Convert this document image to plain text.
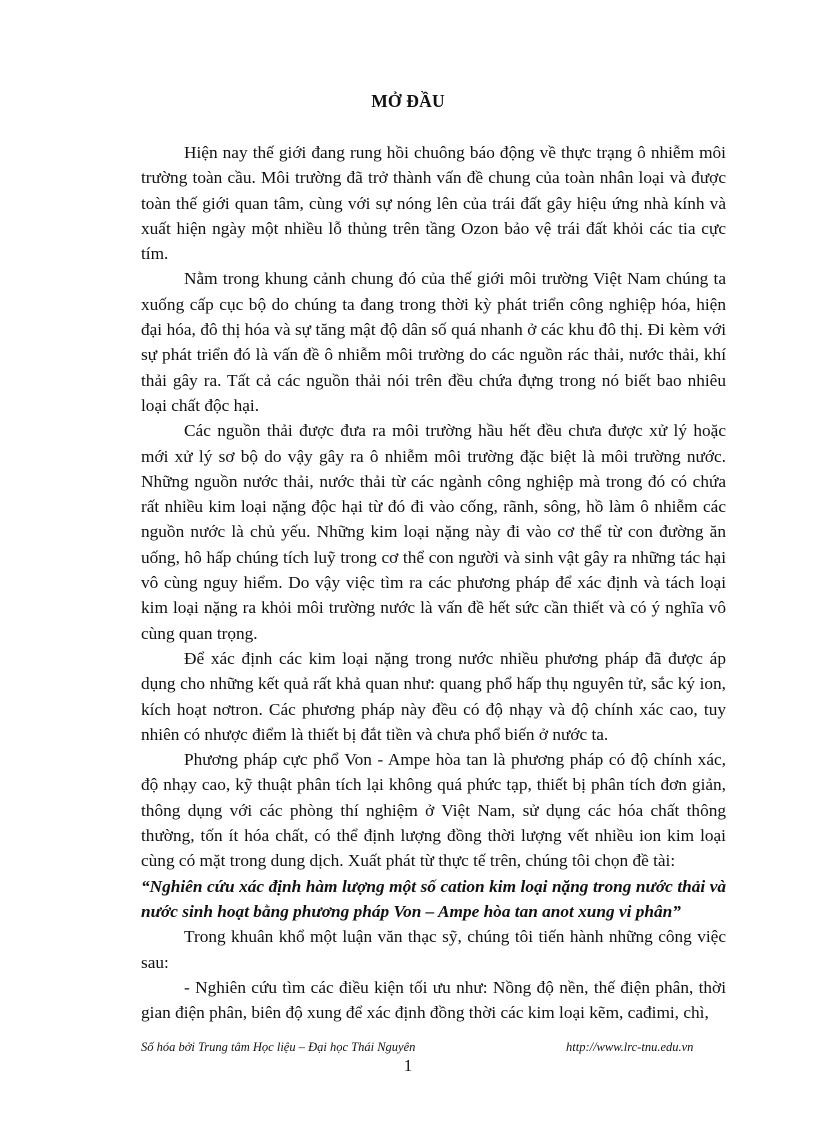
MỞ ĐẦU

Hiện nay thế giới đang rung hồi chuông báo động về thực trạng ô nhiễm môi trường toàn cầu. Môi trường đã trở thành vấn đề chung của toàn nhân loại và được toàn thế giới quan tâm, cùng với sự nóng lên của trái đất gây hiệu ứng nhà kính và xuất hiện ngày một nhiều lỗ thủng trên tầng Ozon bảo vệ trái đất khỏi các tia cực tím.

Nằm trong khung cảnh chung đó của thế giới môi trường Việt Nam chúng ta xuống cấp cục bộ do chúng ta đang trong thời kỳ phát triển công nghiệp hóa, hiện đại hóa, đô thị hóa và sự tăng mật độ dân số quá nhanh ở các khu đô thị. Đi kèm với sự phát triển đó là vấn đề ô nhiễm môi trường do các nguồn rác thải, nước thải, khí thải gây ra. Tất cả các nguồn thải nói trên đều chứa đựng trong nó biết bao nhiêu loại chất độc hại.

Các nguồn thải được đưa ra môi trường hầu hết đều chưa được xử lý hoặc mới xử lý sơ bộ do vậy gây ra ô nhiễm môi trường đặc biệt là môi trường nước. Những nguồn nước thải, nước thải từ các ngành công nghiệp mà trong đó có chứa rất nhiều kim loại nặng độc hại từ đó đi vào cống, rãnh, sông, hồ làm ô nhiễm các nguồn nước là chủ yếu. Những kim loại nặng này đi vào cơ thể từ con đường ăn uống, hô hấp chúng tích luỹ trong cơ thể con người và sinh vật gây ra những tác hại vô cùng nguy hiểm. Do vậy việc tìm ra các phương pháp để xác định và tách loại kim loại nặng ra khỏi môi trường nước là vấn đề hết sức cần thiết và có ý nghĩa vô cùng quan trọng.

Để xác định các kim loại nặng trong nước nhiều phương pháp đã được áp dụng cho những kết quả rất khả quan như: quang phổ hấp thụ nguyên tử, sắc ký ion, kích hoạt nơtron. Các phương pháp này đều có độ nhạy và độ chính xác cao, tuy nhiên có nhược điểm là thiết bị đắt tiền và chưa phổ biến ở nước ta.

Phương pháp cực phổ Von - Ampe hòa tan là phương pháp có độ chính xác, độ nhạy cao, kỹ thuật phân tích lại không quá phức tạp, thiết bị phân tích đơn giản, thông dụng với các phòng thí nghiệm ở Việt Nam, sử dụng các hóa chất thông thường, tốn ít hóa chất, có thể định lượng đồng thời lượng vết nhiều ion kim loại cùng có mặt trong dung dịch. Xuất phát từ thực tế trên, chúng tôi chọn đề tài:

“Nghiên cứu xác định hàm lượng một số cation kim loại nặng trong nước thải và nước sinh hoạt bằng phương pháp Von – Ampe hòa tan anot xung vi phân”

Trong khuân khổ một luận văn thạc sỹ, chúng tôi tiến hành những công việc sau:

- Nghiên cứu tìm các điều kiện tối ưu như: Nồng độ nền, thế điện phân, thời gian điện phân, biên độ xung để xác định đồng thời các kim loại kẽm, cađimi, chì,

Số hóa bởi Trung tâm Học liệu – Đại học Thái Nguyên	http://www.lrc-tnu.edu.vn
1
